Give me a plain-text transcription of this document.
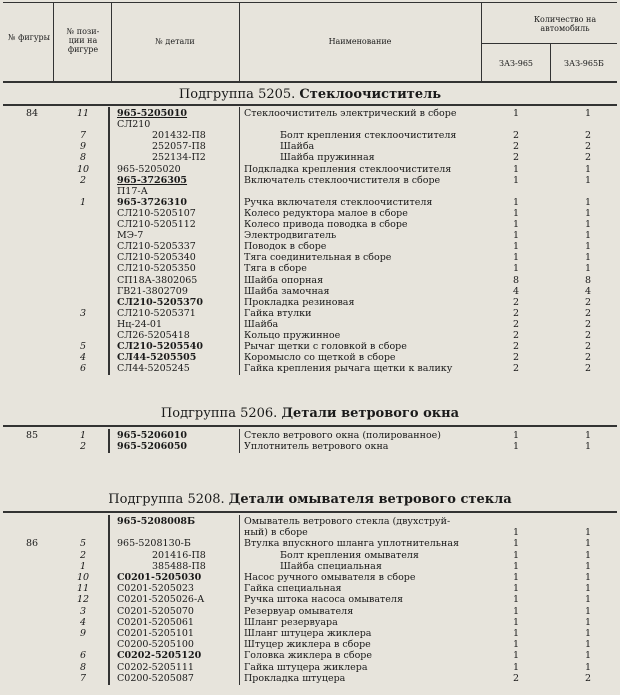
№ фигуры
№ пози-ции на фигуре
№ детали	Наименование
Количество на автомобиль
ЗАЗ-965	ЗАЗ-965Б
Подгруппа 5205. Стеклоочиститель
84	11	965-5205010	Стеклоочиститель электрический в сборе	1	1
СЛ210
7	201432-П8	Болт крепления стеклоочистителя	2	2
9	252057-П8	Шайба	2	2
8	252134-П2	Шайба пружинная	2	2
10	965-5205020	Подкладка крепления стеклоочистителя	1	1
2	965-3726305	Включатель стеклоочистителя в сборе	1	1
П17-А
1	965-3726310	Ручка включателя стеклоочистителя	1	1
СЛ210-5205107	Колесо редуктора малое в сборе	1	1
СЛ210-5205112	Колесо привода поводка в сборе	1	1
МЭ-7	Электродвигатель	1	1
СЛ210-5205337	Поводок в сборе	1	1
СЛ210-5205340	Тяга соединительная в сборе	1	1
СЛ210-5205350	Тяга в сборе	1	1
СП18А-3802065	Шайба опорная	8	8
ГВ21-3802709	Шайба замочная	4	4
СЛ210-5205370	Прокладка резиновая	2	2
3	СЛ210-5205371	Гайка втулки	2	2
Нц-24-01	Шайба	2	2
СЛ26-5205418	Кольцо пружинное	2	2
5	СЛ210-5205540	Рычаг щетки с головкой в сборе	2	2
4	СЛ44-5205505	Коромысло со щеткой в сборе	2	2
6	СЛ44-5205245	Гайка крепления рычага щетки к валику	2	2
Подгруппа 5206. Детали ветрового окна
85	1	965-5206010	Стекло ветрового окна (полированное)	1	1
2	965-5206050	Уплотнитель ветрового окна	1	1
Подгруппа 5208. Детали омывателя ветрового стекла
965-5208008Б	Омыватель ветрового стекла (двухструй-
ный) в сборе	1	1
86	5	965-5208130-Б	Втулка впускного шланга уплотнительная	1	1
2	201416-П8	Болт крепления омывателя	1	1
1	385488-П8	Шайба специальная	1	1
10	С0201-5205030	Насос ручного омывателя в сборе	1	1
11	С0201-5205023	Гайка специальная	1	1
12	С0201-5205026-А	Ручка штока насоса омывателя	1	1
3	С0201-5205070	Резервуар омывателя	1	1
4	С0201-5205061	Шланг резервуара	1	1
9	С0201-5205101	Шланг штуцера жиклера	1	1
С0200-5205100	Штуцер жиклера в сборе	1	1
6	С0202-5205120	Головка жиклера в сборе	1	1
8	С0202-5205111	Гайка штуцера жиклера	1	1
7	С0200-5205087	Прокладка штуцера	2	2
